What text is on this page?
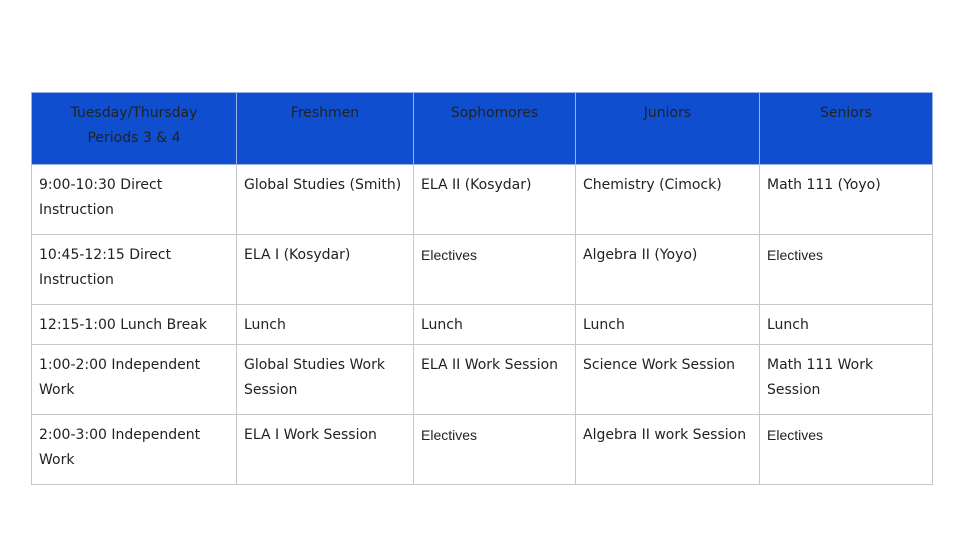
Tuesday/Thursday
Periods 3 & 4	Freshmen	Sophomores	Juniors	Seniors
9:00-10:30 Direct Instruction	Global Studies (Smith)	ELA II (Kosydar)	Chemistry (Cimock)	Math 111 (Yoyo)
10:45-12:15 Direct Instruction	ELA I (Kosydar)	Electives	Algebra II (Yoyo)	Electives
12:15-1:00 Lunch Break	Lunch	Lunch	Lunch	Lunch
1:00-2:00 Independent Work	Global Studies Work Session	ELA II Work Session	Science Work Session	Math 111 Work Session
2:00-3:00 Independent Work	ELA I Work Session	Electives	Algebra II work Session	Electives
